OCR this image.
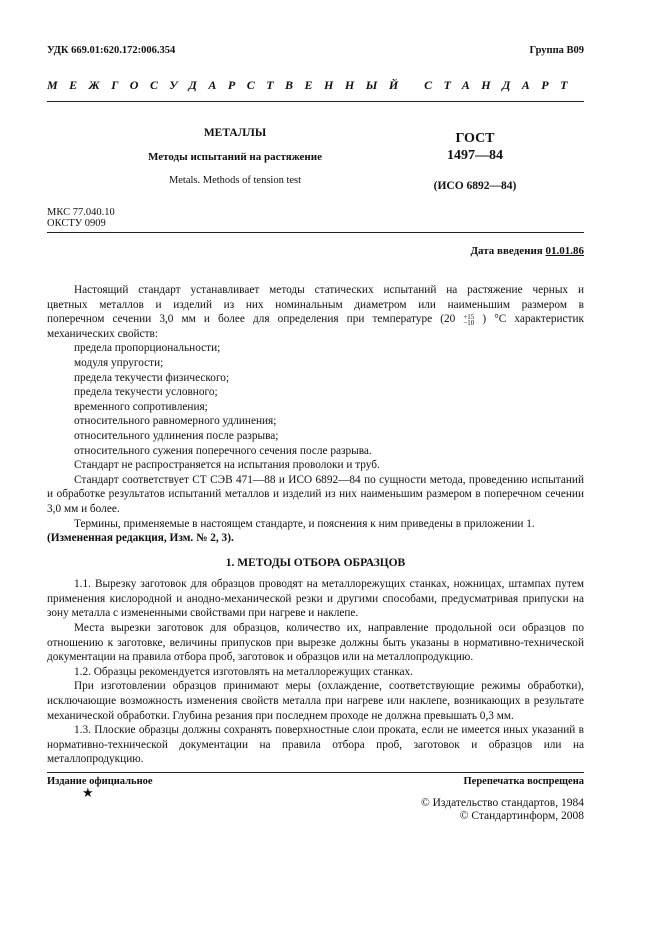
УДК 669.01:620.172:006.354	Группа В09
МЕЖГОСУДАРСТВЕННЫЙ СТАНДАРТ
МЕТАЛЛЫ
Методы испытаний на растяжение
Metals. Methods of tension test
ГОСТ
1497—84
(ИСО 6892—84)
МКС 77.040.10
ОКСТУ 0909
Дата введения 01.01.86
Настоящий стандарт устанавливает методы статических испытаний на растяжение черных и
цветных металлов и изделий из них номинальным диаметром или наименьшим размером в
поперечном сечении 3,0 мм и более для определения при температуре (20 +15
−10 ) °С характеристик
механических свойств:
предела пропорциональности;
модуля упругости;
предела текучести физического;
предела текучести условного;
временного сопротивления;
относительного равномерного удлинения;
относительного удлинения после разрыва;
относительного сужения поперечного сечения после разрыва.
Стандарт не распространяется на испытания проволоки и труб.
Стандарт соответствует СТ СЭВ 471—88 и ИСО 6892—84 по сущности метода, проведению испытаний и обработке результатов испытаний металлов и изделий из них наименьшим размером в поперечном сечении 3,0 мм и более.
Термины, применяемые в настоящем стандарте, и пояснения к ним приведены в приложении 1.
(Измененная редакция, Изм. № 2, 3).
1. МЕТОДЫ ОТБОРА ОБРАЗЦОВ
1.1. Вырезку заготовок для образцов проводят на металлорежущих станках, ножницах, штампах путем применения кислородной и анодно-механической резки и другими способами, предусматривая припуски на зону металла с измененными свойствами при нагреве и наклепе.
Места вырезки заготовок для образцов, количество их, направление продольной оси образцов по отношению к заготовке, величины припусков при вырезке должны быть указаны в нормативно-технической документации на правила отбора проб, заготовок и образцов или на металлопродукцию.
1.2. Образцы рекомендуется изготовлять на металлорежущих станках.
При изготовлении образцов принимают меры (охлаждение, соответствующие режимы обработки), исключающие возможность изменения свойств металла при нагреве или наклепе, возникающих в результате механической обработки. Глубина резания при последнем проходе не должна превышать 0,3 мм.
1.3. Плоские образцы должны сохранять поверхностные слои проката, если не имеется иных указаний в нормативно-технической документации на правила отбора проб, заготовок и образцов или на металлопродукцию.
Издание официальное	Перепечатка воспрещена
★
© Издательство стандартов, 1984
© Стандартинформ, 2008
